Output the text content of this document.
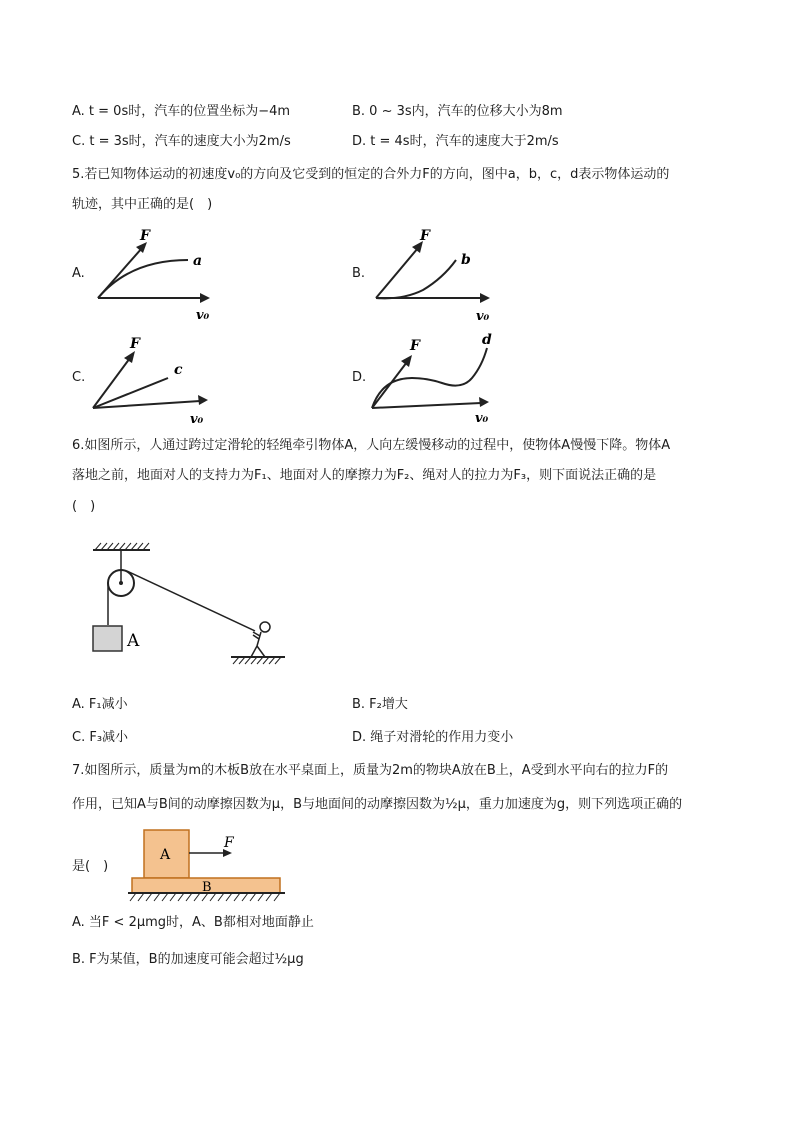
A. t = 0s时，汽车的位置坐标为−4m	B. 0 ~ 3s内，汽车的位移大小为8m
C. t = 3s时，汽车的速度大小为2m/s	D. t = 4s时，汽车的速度大于2m/s
5.若已知物体运动的初速度v₀的方向及它受到的恒定的合外力F的方向，图中a，b，c，d表示物体运动的
轨迹，其中正确的是(　)
A.
F
a
v₀
B.
F
b
v₀
C.
F
c
v₀
D.
F	d
v₀
6.如图所示，人通过跨过定滑轮的轻绳牵引物体A，人向左缓慢移动的过程中，使物体A慢慢下降。物体A
落地之前，地面对人的支持力为F₁、地面对人的摩擦力为F₂、绳对人的拉力为F₃，则下面说法正确的是
(　)
A
A. F₁减小	B. F₂增大
C. F₃减小	D. 绳子对滑轮的作用力变小
7.如图所示，质量为m的木板B放在水平桌面上，质量为2m的物块A放在B上，A受到水平向右的拉力F的
作用，已知A与B间的动摩擦因数为μ，B与地面间的动摩擦因数为½μ，重力加速度为g，则下列选项正确的
是(　)
A
F
B
A. 当F < 2μmg时，A、B都相对地面静止
B. F为某值，B的加速度可能会超过½μg
